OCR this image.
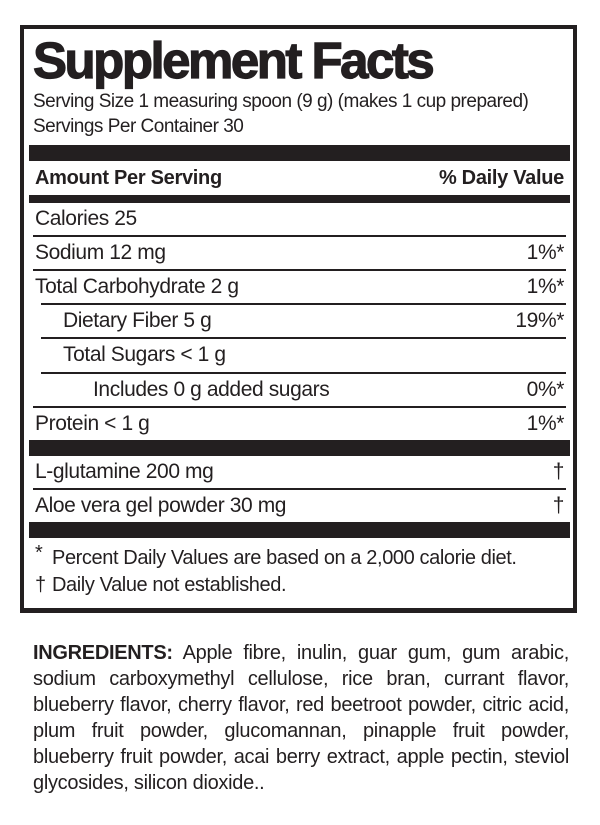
Supplement Facts
Serving Size 1 measuring spoon (9 g) (makes 1 cup prepared)
Servings Per Container 30
Amount Per Serving	% Daily Value
Calories 25
Sodium 12 mg	1%*
Total Carbohydrate 2 g	1%*
Dietary Fiber 5 g	19%*
Total Sugars < 1 g
Includes 0 g added sugars	0%*
Protein < 1 g	1%*
L-glutamine 200 mg	†
Aloe vera gel powder 30 mg	†
* Percent Daily Values are based on a 2,000 calorie diet.
† Daily Value not established.
INGREDIENTS: Apple fibre, inulin, guar gum, gum arabic, sodium carboxymethyl cellulose, rice bran, currant flavor, blueberry flavor, cherry flavor, red beetroot powder, citric acid, plum fruit powder, glucomannan, pinapple fruit powder, blueberry fruit powder, acai berry extract, apple pectin, steviol glycosides, silicon dioxide..
